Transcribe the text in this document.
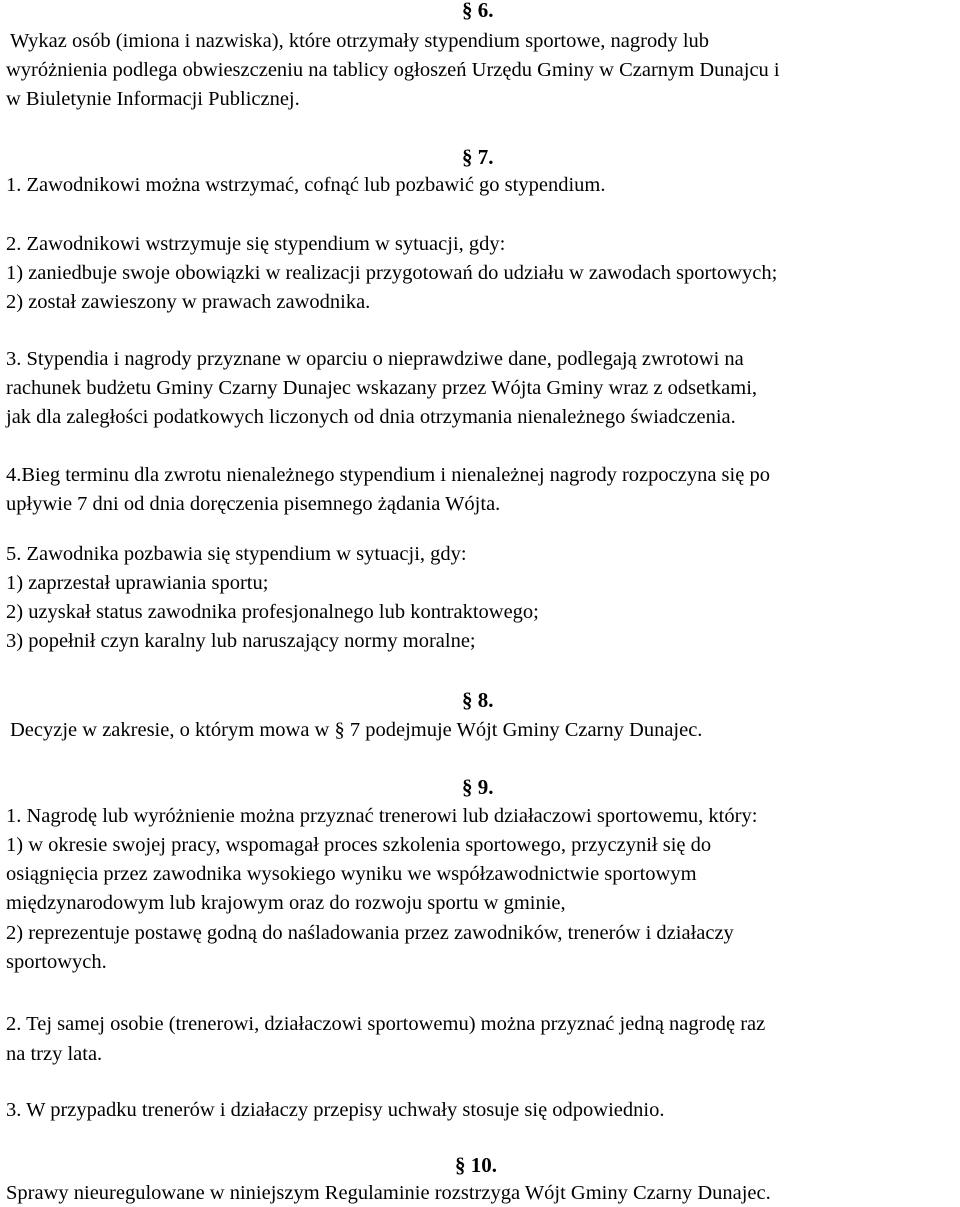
§ 6.
Wykaz osób (imiona i nazwiska), które otrzymały stypendium sportowe, nagrody lub
wyróżnienia podlega obwieszczeniu na tablicy ogłoszeń Urzędu Gminy w Czarnym Dunajcu i
w Biuletynie Informacji Publicznej.
§ 7.
1. Zawodnikowi można wstrzymać, cofnąć lub pozbawić go stypendium.
2. Zawodnikowi wstrzymuje się stypendium w sytuacji, gdy:
1) zaniedbuje swoje obowiązki w realizacji przygotowań do udziału w zawodach sportowych;
2) został zawieszony w prawach zawodnika.
3. Stypendia i nagrody przyznane w oparciu o nieprawdziwe dane, podlegają zwrotowi na
rachunek budżetu Gminy Czarny Dunajec wskazany przez Wójta Gminy wraz z odsetkami,
jak dla zaległości podatkowych liczonych od dnia otrzymania nienależnego świadczenia.
4.Bieg terminu dla zwrotu nienależnego stypendium i nienależnej nagrody rozpoczyna się po
upływie 7 dni od dnia doręczenia pisemnego żądania Wójta.
5. Zawodnika pozbawia się stypendium w sytuacji, gdy:
1) zaprzestał uprawiania sportu;
2) uzyskał status zawodnika profesjonalnego lub kontraktowego;
3) popełnił czyn karalny lub naruszający normy moralne;
§ 8.
Decyzje w zakresie, o którym mowa w § 7 podejmuje Wójt Gminy Czarny Dunajec.
§ 9.
1. Nagrodę lub wyróżnienie można przyznać trenerowi lub działaczowi sportowemu, który:
1) w okresie swojej pracy, wspomagał proces szkolenia sportowego, przyczynił się do
osiągnięcia przez zawodnika wysokiego wyniku we współzawodnictwie sportowym
międzynarodowym lub krajowym oraz do rozwoju sportu w gminie,
2) reprezentuje postawę godną do naśladowania przez zawodników, trenerów i działaczy
sportowych.
2. Tej samej osobie (trenerowi, działaczowi sportowemu) można przyznać jedną nagrodę raz
na trzy lata.
3. W przypadku trenerów i działaczy przepisy uchwały stosuje się odpowiednio.
§ 10.
Sprawy nieuregulowane w niniejszym Regulaminie rozstrzyga Wójt Gminy Czarny Dunajec.
